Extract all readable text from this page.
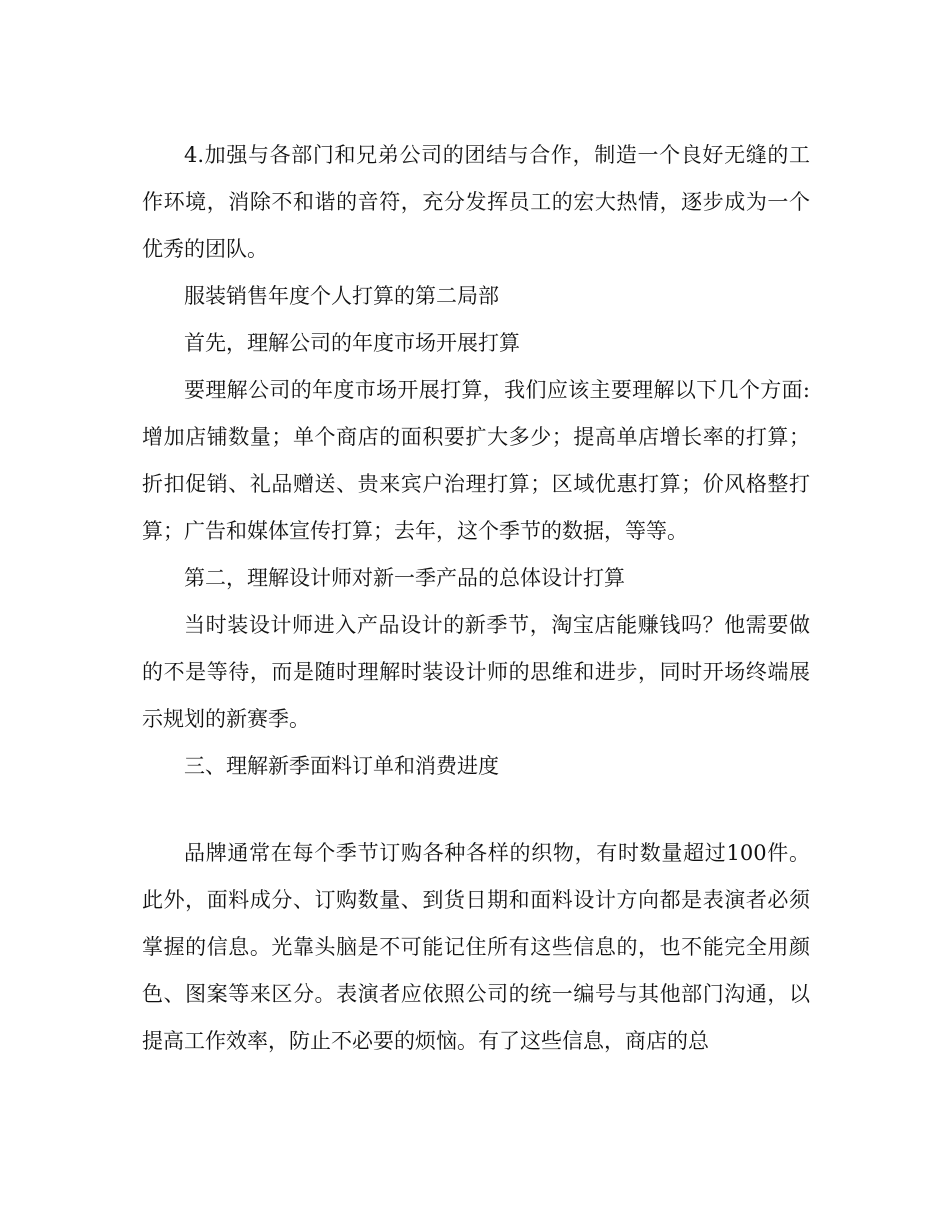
4.加强与各部门和兄弟公司的团结与合作，制造一个良好无缝的工作环境，消除不和谐的音符，充分发挥员工的宏大热情，逐步成为一个优秀的团队。

服装销售年度个人打算的第二局部

首先，理解公司的年度市场开展打算

要理解公司的年度市场开展打算，我们应该主要理解以下几个方面:增加店铺数量；单个商店的面积要扩大多少；提高单店增长率的打算；折扣促销、礼品赠送、贵来宾户治理打算；区域优惠打算；价风格整打算；广告和媒体宣传打算；去年，这个季节的数据，等等。

第二，理解设计师对新一季产品的总体设计打算

当时装设计师进入产品设计的新季节，淘宝店能赚钱吗？他需要做的不是等待，而是随时理解时装设计师的思维和进步，同时开场终端展示规划的新赛季。

三、理解新季面料订单和消费进度

品牌通常在每个季节订购各种各样的织物，有时数量超过100件。此外，面料成分、订购数量、到货日期和面料设计方向都是表演者必须掌握的信息。光靠头脑是不可能记住所有这些信息的，也不能完全用颜色、图案等来区分。表演者应依照公司的统一编号与其他部门沟通，以提高工作效率，防止不必要的烦恼。有了这些信息，商店的总
